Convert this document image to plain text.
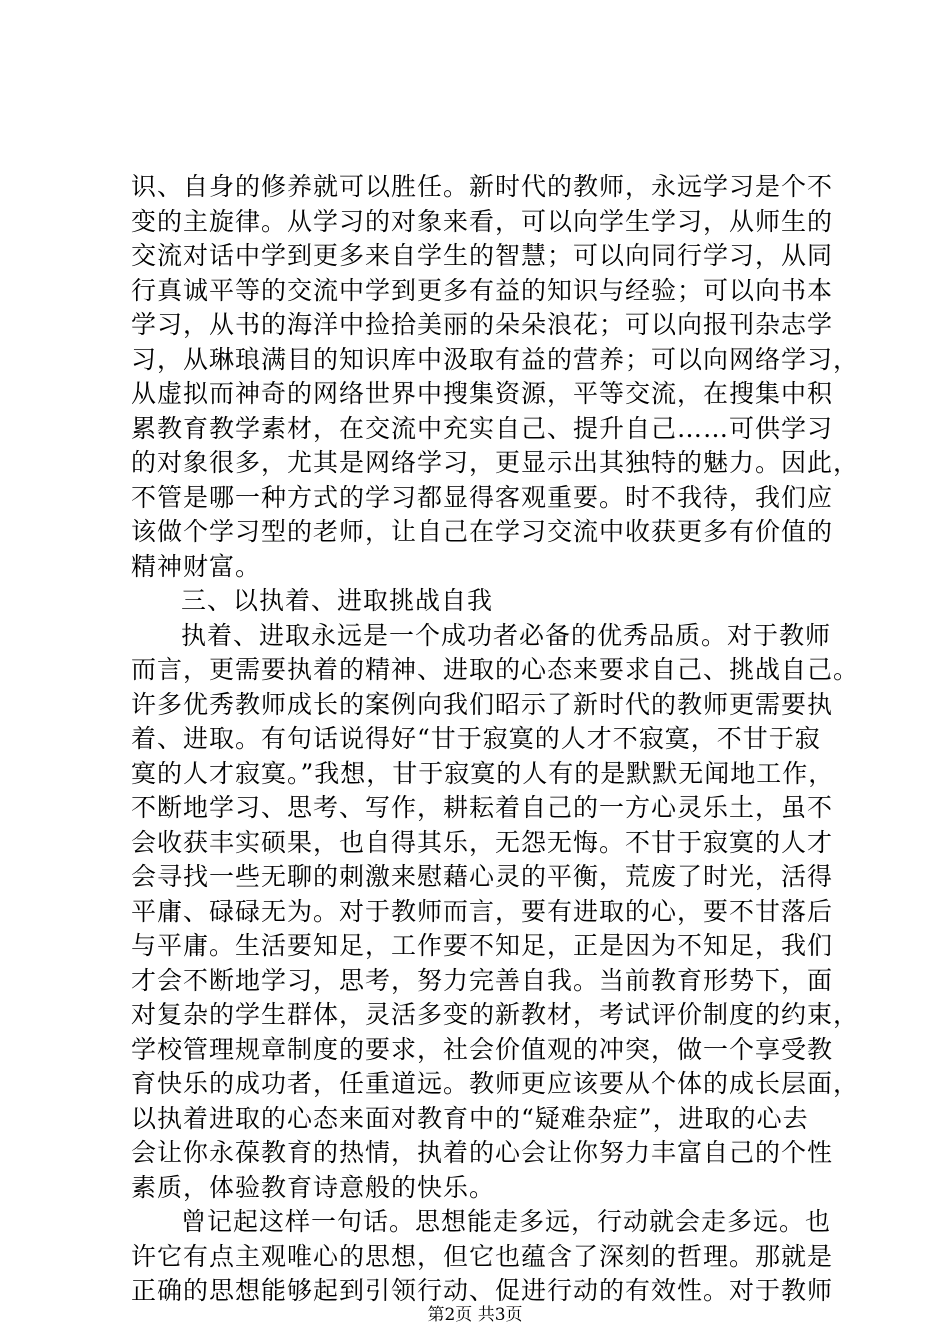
识、自身的修养就可以胜任。新时代的教师，永远学习是个不
变的主旋律。从学习的对象来看，可以向学生学习，从师生的
交流对话中学到更多来自学生的智慧；可以向同行学习，从同
行真诚平等的交流中学到更多有益的知识与经验；可以向书本
学习，从书的海洋中捡拾美丽的朵朵浪花；可以向报刊杂志学
习，从琳琅满目的知识库中汲取有益的营养；可以向网络学习，
从虚拟而神奇的网络世界中搜集资源，平等交流，在搜集中积
累教育教学素材，在交流中充实自己、提升自己……可供学习
的对象很多，尤其是网络学习，更显示出其独特的魅力。因此，
不管是哪一种方式的学习都显得客观重要。时不我待，我们应
该做个学习型的老师，让自己在学习交流中收获更多有价值的
精神财富。
三、以执着、进取挑战自我
执着、进取永远是一个成功者必备的优秀品质。对于教师
而言，更需要执着的精神、进取的心态来要求自己、挑战自己。
许多优秀教师成长的案例向我们昭示了新时代的教师更需要执
着、进取。有句话说得好“甘于寂寞的人才不寂寞，不甘于寂
寞的人才寂寞。”我想，甘于寂寞的人有的是默默无闻地工作，
不断地学习、思考、写作，耕耘着自己的一方心灵乐土，虽不
会收获丰实硕果，也自得其乐，无怨无悔。不甘于寂寞的人才
会寻找一些无聊的刺激来慰藉心灵的平衡，荒废了时光，活得
平庸、碌碌无为。对于教师而言，要有进取的心，要不甘落后
与平庸。生活要知足，工作要不知足，正是因为不知足，我们
才会不断地学习，思考，努力完善自我。当前教育形势下，面
对复杂的学生群体，灵活多变的新教材，考试评价制度的约束，
学校管理规章制度的要求，社会价值观的冲突，做一个享受教
育快乐的成功者，任重道远。教师更应该要从个体的成长层面，
以执着进取的心态来面对教育中的“疑难杂症”，进取的心去
会让你永葆教育的热情，执着的心会让你努力丰富自己的个性
素质，体验教育诗意般的快乐。
曾记起这样一句话。思想能走多远，行动就会走多远。也
许它有点主观唯心的思想，但它也蕴含了深刻的哲理。那就是
正确的思想能够起到引领行动、促进行动的有效性。对于教师
第2页 共3页
